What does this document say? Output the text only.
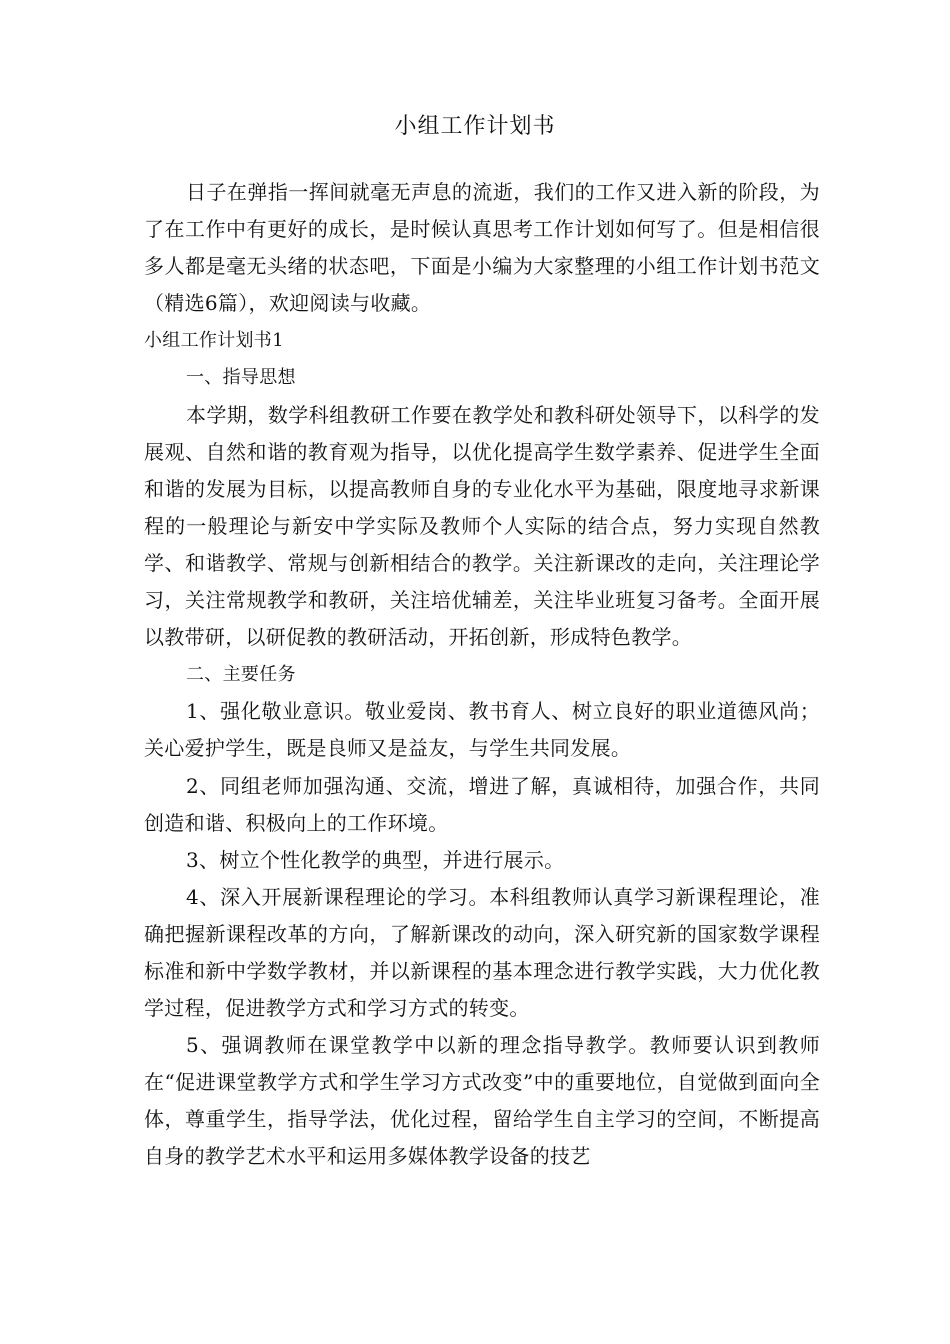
小组工作计划书

日子在弹指一挥间就毫无声息的流逝，我们的工作又进入新的阶段，为了在工作中有更好的成长，是时候认真思考工作计划如何写了。但是相信很多人都是毫无头绪的状态吧，下面是小编为大家整理的小组工作计划书范文（精选6篇），欢迎阅读与收藏。

小组工作计划书1

一、指导思想

本学期，数学科组教研工作要在教学处和教科研处领导下，以科学的发展观、自然和谐的教育观为指导，以优化提高学生数学素养、促进学生全面和谐的发展为目标，以提高教师自身的专业化水平为基础，限度地寻求新课程的一般理论与新安中学实际及教师个人实际的结合点，努力实现自然教学、和谐教学、常规与创新相结合的教学。关注新课改的走向，关注理论学习，关注常规教学和教研，关注培优辅差，关注毕业班复习备考。全面开展以教带研，以研促教的教研活动，开拓创新，形成特色教学。

二、主要任务

1、强化敬业意识。敬业爱岗、教书育人、树立良好的职业道德风尚；关心爱护学生，既是良师又是益友，与学生共同发展。

2、同组老师加强沟通、交流，增进了解，真诚相待，加强合作，共同创造和谐、积极向上的工作环境。

3、树立个性化教学的典型，并进行展示。

4、深入开展新课程理论的学习。本科组教师认真学习新课程理论，准确把握新课程改革的方向，了解新课改的动向，深入研究新的国家数学课程标准和新中学数学教材，并以新课程的基本理念进行教学实践，大力优化教学过程，促进教学方式和学习方式的转变。

5、强调教师在课堂教学中以新的理念指导教学。教师要认识到教师在“促进课堂教学方式和学生学习方式改变”中的重要地位，自觉做到面向全体，尊重学生，指导学法，优化过程，留给学生自主学习的空间，不断提高自身的教学艺术水平和运用多媒体教学设备的技艺
